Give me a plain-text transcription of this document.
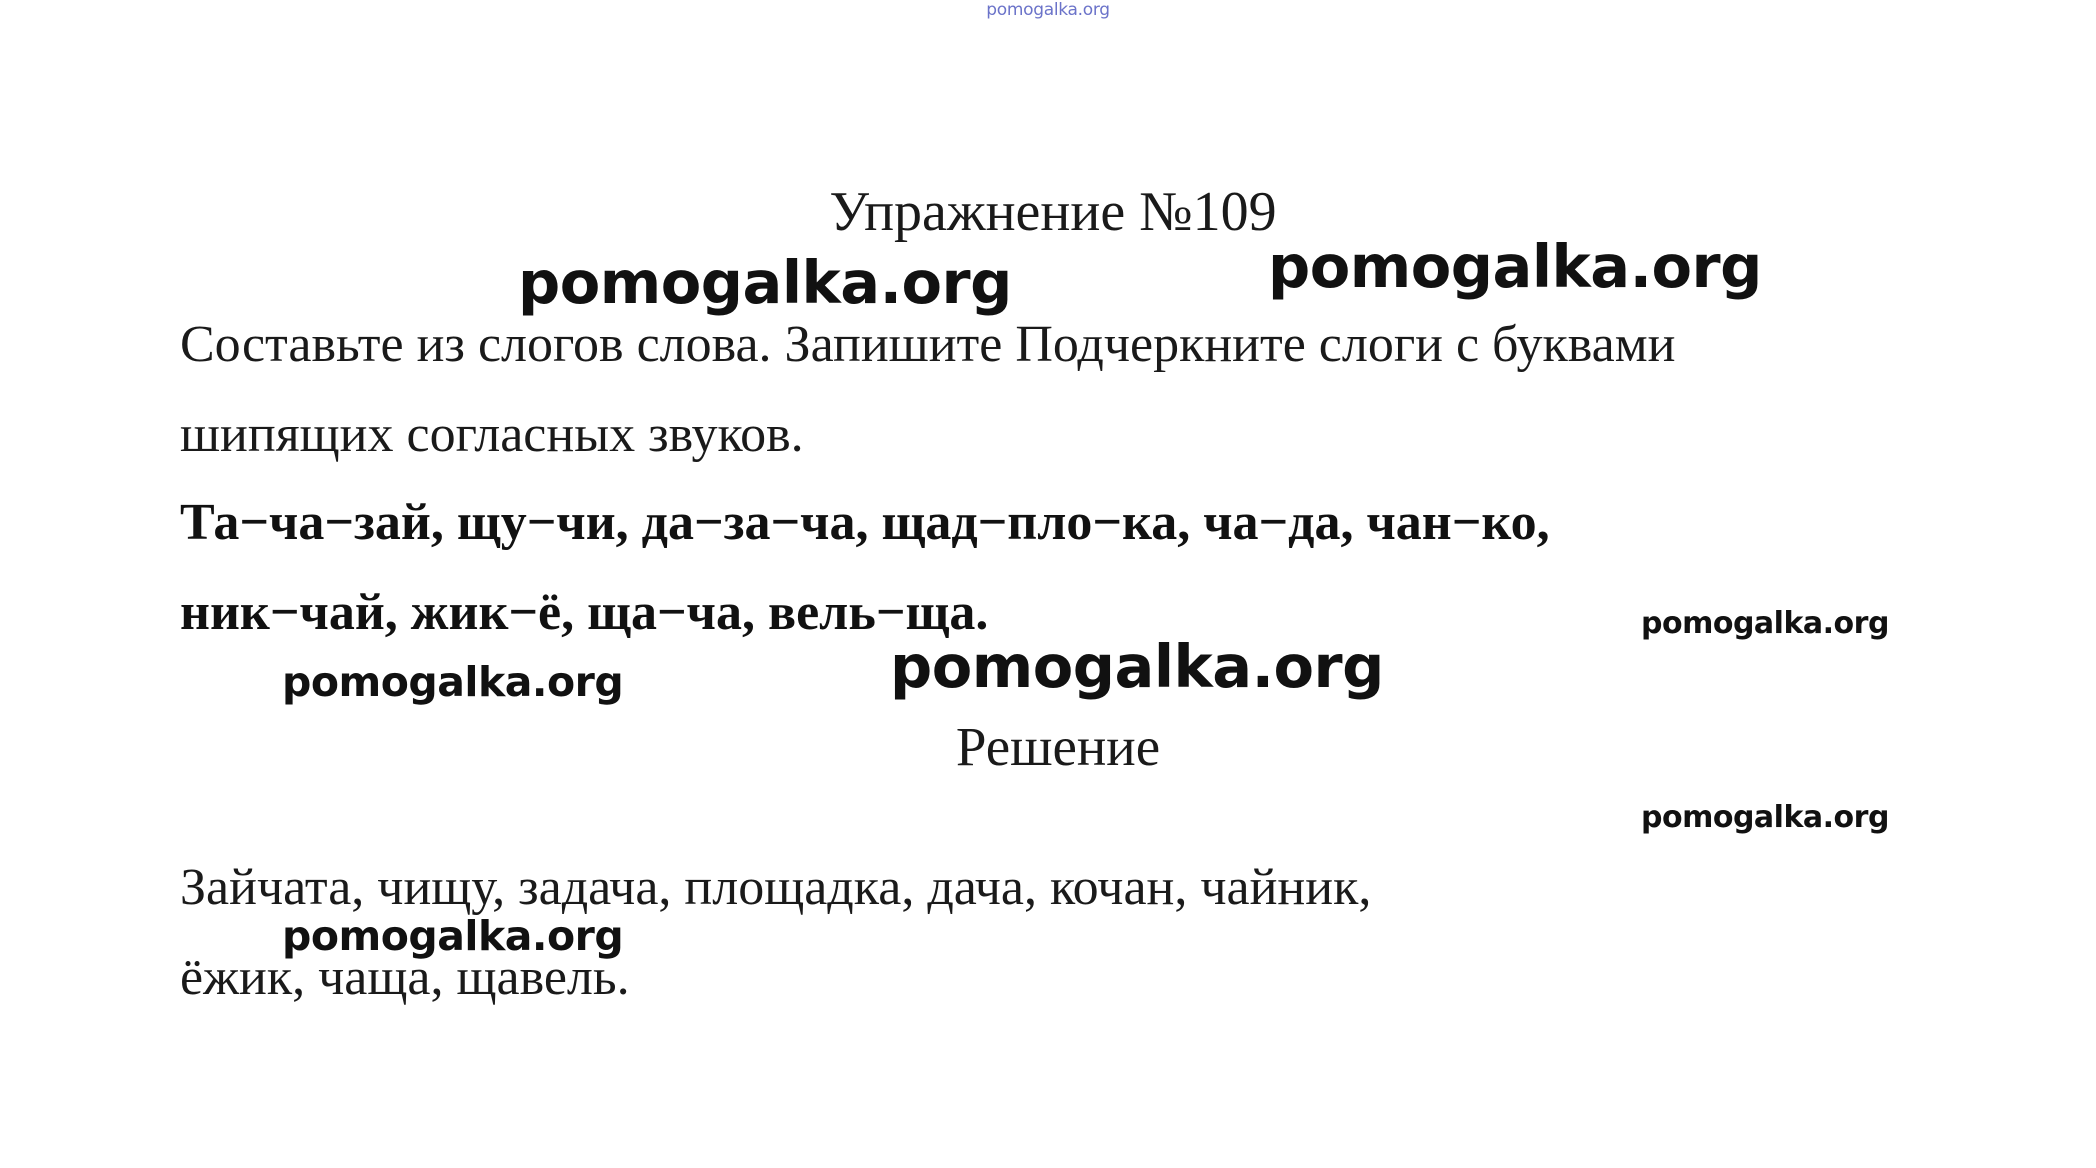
pomogalka.org
Упражнение №109
pomogalka.org	pomogalka.org
Составьте из слогов слова. Запишите Подчеркните слоги с буквами
шипящих согласных звуков.
Та−ча−зай, щу−чи, да−за−ча, щад−пло−ка, ча−да, чан−ко,
ник−чай, жик−ё, ща−ча, вель−ща.	pomogalka.org
pomogalka.org	pomogalka.org
Решение
pomogalka.org
Зайчата, чищу, задача, площадка, дача, кочан, чайник,
ёжик, чаща, щавель.
pomogalka.org
